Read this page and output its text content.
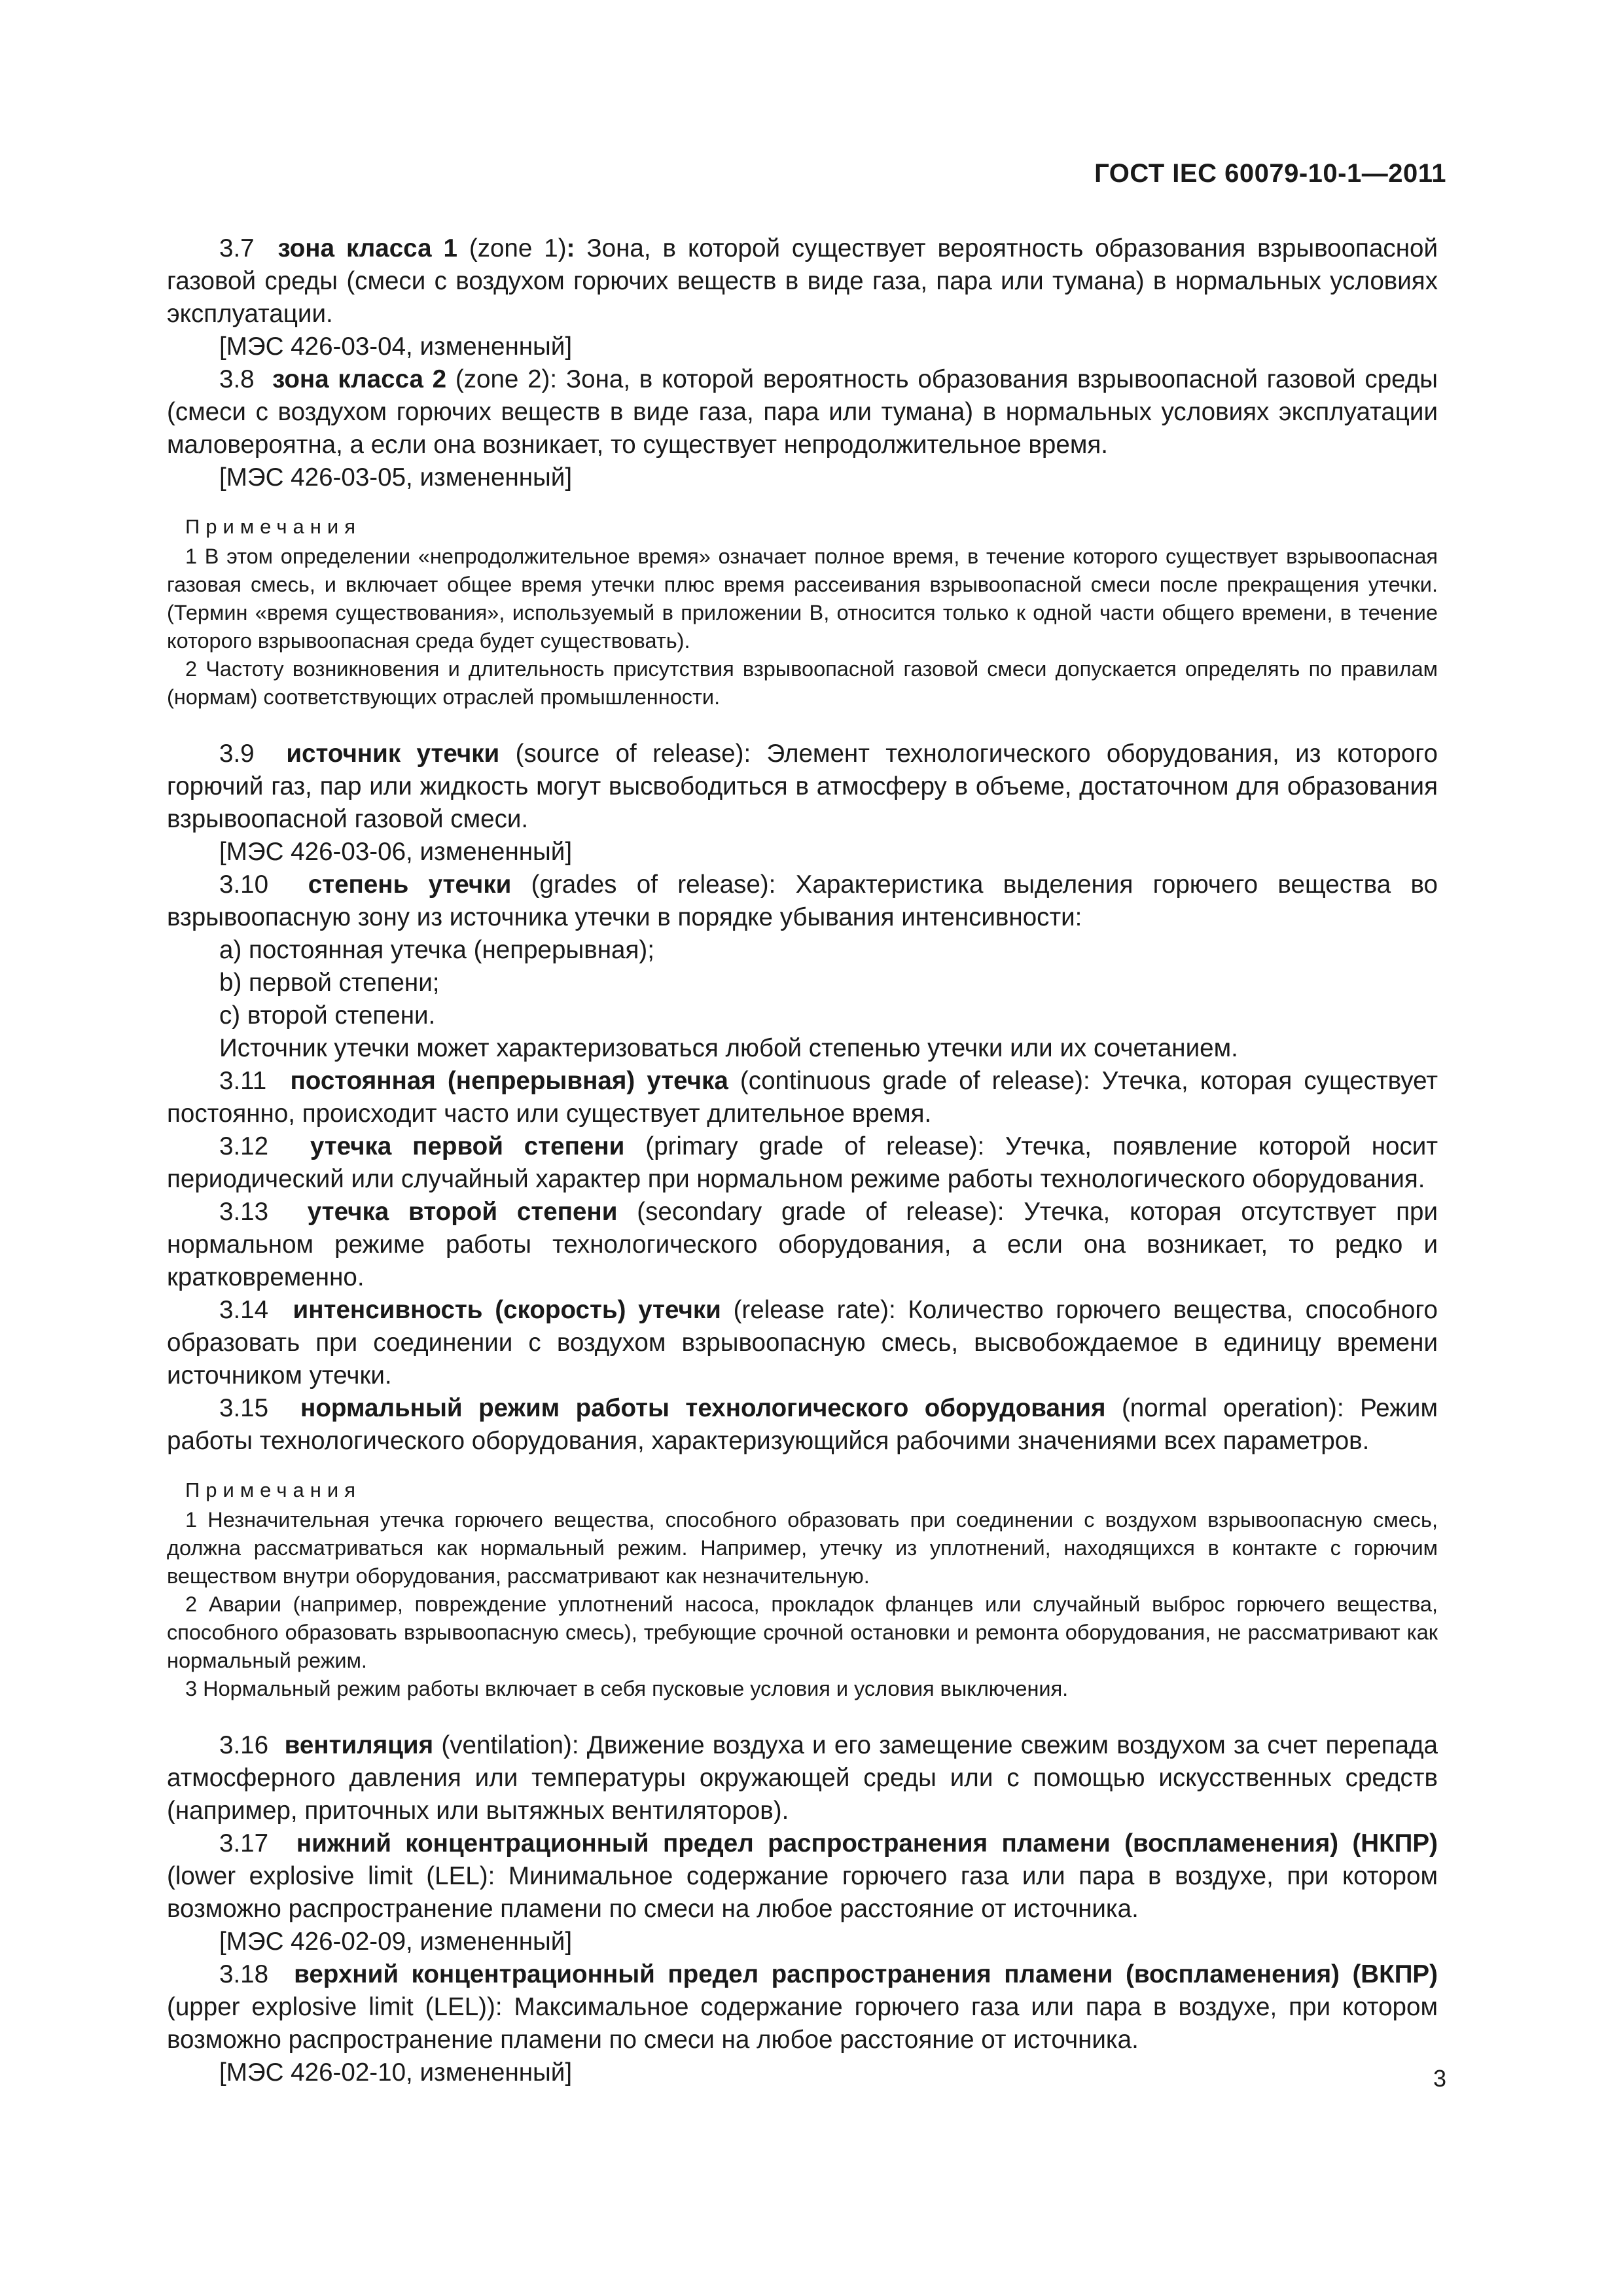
ГОСТ IEC 60079-10-1—2011

3.7 зона класса 1 (zone 1): Зона, в которой существует вероятность образования взрывоопасной газовой среды (смеси с воздухом горючих веществ в виде газа, пара или тумана) в нормальных условиях эксплуатации.

[МЭС 426-03-04, измененный]

3.8 зона класса 2 (zone 2): Зона, в которой вероятность образования взрывоопасной газовой среды (смеси с воздухом горючих веществ в виде газа, пара или тумана) в нормальных условиях эксплуатации маловероятна, а если она возникает, то существует непродолжительное время.

[МЭС 426-03-05, измененный]

Примечания

1 В этом определении «непродолжительное время» означает полное время, в течение которого существует взрывоопасная газовая смесь, и включает общее время утечки плюс время рассеивания взрывоопасной смеси после прекращения утечки. (Термин «время существования», используемый в приложении В, относится только к одной части общего времени, в течение которого взрывоопасная среда будет существовать).

2 Частоту возникновения и длительность присутствия взрывоопасной газовой смеси допускается определять по правилам (нормам) соответствующих отраслей промышленности.

3.9 источник утечки (source of release): Элемент технологического оборудования, из которого горючий газ, пар или жидкость могут высвободиться в атмосферу в объеме, достаточном для образования взрывоопасной газовой смеси.

[МЭС 426-03-06, измененный]

3.10 степень утечки (grades of release): Характеристика выделения горючего вещества во взрывоопасную зону из источника утечки в порядке убывания интенсивности:

a) постоянная утечка (непрерывная);

b) первой степени;

c) второй степени.

Источник утечки может характеризоваться любой степенью утечки или их сочетанием.

3.11 постоянная (непрерывная) утечка (continuous grade of release): Утечка, которая существует постоянно, происходит часто или существует длительное время.

3.12 утечка первой степени (primary grade of release): Утечка, появление которой носит периодический или случайный характер при нормальном режиме работы технологического оборудования.

3.13 утечка второй степени (secondary grade of release): Утечка, которая отсутствует при нормальном режиме работы технологического оборудования, а если она возникает, то редко и кратковременно.

3.14 интенсивность (скорость) утечки (release rate): Количество горючего вещества, способного образовать при соединении с воздухом взрывоопасную смесь, высвобождаемое в единицу времени источником утечки.

3.15 нормальный режим работы технологического оборудования (normal operation): Режим работы технологического оборудования, характеризующийся рабочими значениями всех параметров.

Примечания

1 Незначительная утечка горючего вещества, способного образовать при соединении с воздухом взрывоопасную смесь, должна рассматриваться как нормальный режим. Например, утечку из уплотнений, находящихся в контакте с горючим веществом внутри оборудования, рассматривают как незначительную.

2 Аварии (например, повреждение уплотнений насоса, прокладок фланцев или случайный выброс горючего вещества, способного образовать взрывоопасную смесь), требующие срочной остановки и ремонта оборудования, не рассматривают как нормальный режим.

3 Нормальный режим работы включает в себя пусковые условия и условия выключения.

3.16 вентиляция (ventilation): Движение воздуха и его замещение свежим воздухом за счет перепада атмосферного давления или температуры окружающей среды или с помощью искусственных средств (например, приточных или вытяжных вентиляторов).

3.17 нижний концентрационный предел распространения пламени (воспламенения) (НКПР) (lower explosive limit (LEL): Минимальное содержание горючего газа или пара в воздухе, при котором возможно распространение пламени по смеси на любое расстояние от источника.

[МЭС 426-02-09, измененный]

3.18 верхний концентрационный предел распространения пламени (воспламенения) (ВКПР) (upper explosive limit (LEL)): Максимальное содержание горючего газа или пара в воздухе, при котором возможно распространение пламени по смеси на любое расстояние от источника.

[МЭС 426-02-10, измененный]	3
